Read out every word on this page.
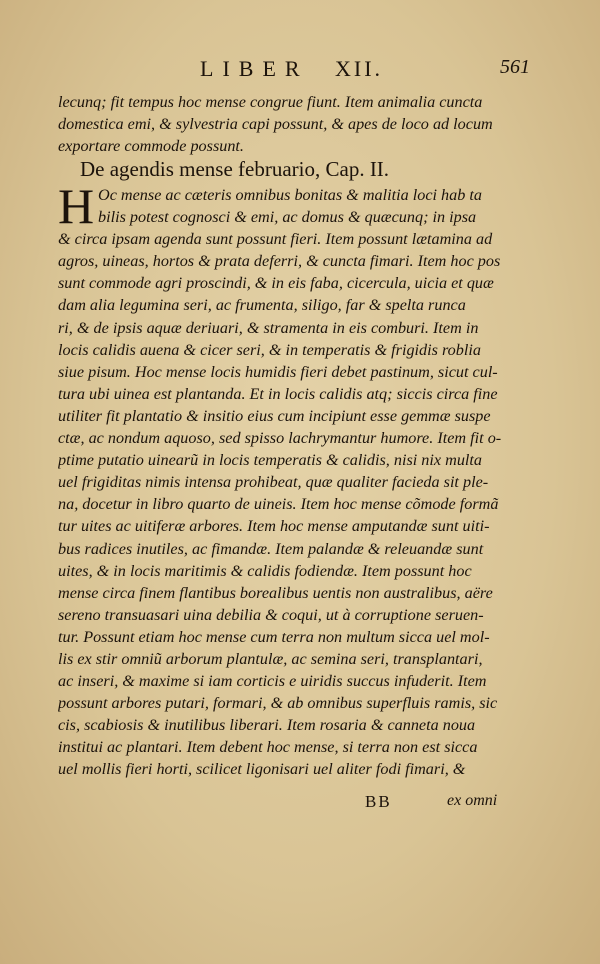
LIBER XII.	561
lecunq; fit tempus hoc mense congrue fiunt. Item animalia cuncta
domestica emi, & sylvestria capi possunt, & apes de loco ad locum
exportare commode possunt.
De agendis mense februario, Cap. II.
H Oc mense ac cæteris omnibus bonitas & malitia loci hab ta
bilis potest cognosci & emi, ac domus & quæcunq; in ipsa
& circa ipsam agenda sunt possunt fieri. Item possunt lætamina ad
agros, uineas, hortos & prata deferri, & cuncta fimari. Item hoc pos
sunt commode agri proscindi, & in eis faba, cicercula, uicia et quæ
dam alia legumina seri, ac frumenta, siligo, far & spelta runca
ri, & de ipsis aquæ deriuari, & stramenta in eis comburi. Item in
locis calidis auena & cicer seri, & in temperatis & frigidis roblia
siue pisum. Hoc mense locis humidis fieri debet pastinum, sicut cul-
tura ubi uinea est plantanda. Et in locis calidis atq; siccis circa fine
utiliter fit plantatio & insitio eius cum incipiunt esse gemmæ suspe
ctæ, ac nondum aquoso, sed spisso lachrymantur humore. Item fit o-
ptime putatio uinearũ in locis temperatis & calidis, nisi nix multa
uel frigiditas nimis intensa prohibeat, quæ qualiter facieda sit ple-
na, docetur in libro quarto de uineis. Item hoc mense cõmode formã
tur uites ac uitiferæ arbores. Item hoc mense amputandæ sunt uiti-
bus radices inutiles, ac fimandæ. Item palandæ & releuandæ sunt
uites, & in locis maritimis & calidis fodiendæ. Item possunt hoc
mense circa finem flantibus borealibus uentis non australibus, aëre
sereno transuasari uina debilia & coqui, ut à corruptione seruen-
tur. Possunt etiam hoc mense cum terra non multum sicca uel mol-
lis ex stir omniũ arborum plantulæ, ac semina seri, transplantari,
ac inseri, & maxime si iam corticis e uiridis succus infuderit. Item
possunt arbores putari, formari, & ab omnibus superfluis ramis, sic
cis, scabiosis & inutilibus liberari. Item rosaria & canneta noua
institui ac plantari. Item debent hoc mense, si terra non est sicca
uel mollis fieri horti, scilicet ligonisari uel aliter fodi fimari, &
BB	ex omni
